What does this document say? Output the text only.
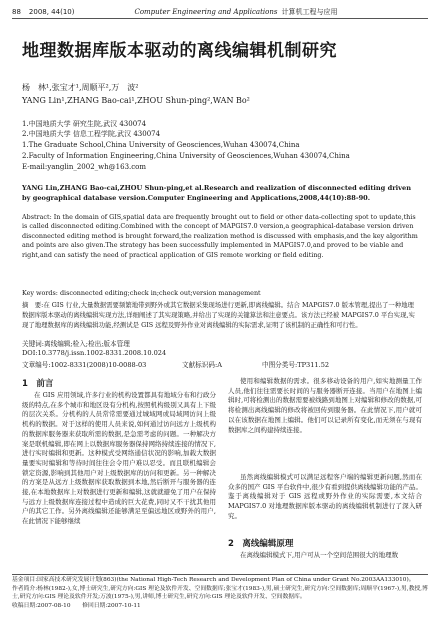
88 2008, 44(10)	Computer Engineering and Applications 计算机工程与应用
地理数据库版本驱动的离线编辑机制研究
杨　林¹,张宝才¹,周顺平²,万　波²
YANG Lin¹,ZHANG Bao-cai¹,ZHOU Shun-ping²,WAN Bo²
1.中国地质大学 研究生院,武汉 430074
2.中国地质大学 信息工程学院,武汉 430074
1.The Graduate School,China University of Geosciences,Wuhan 430074,China
2.Faculty of Information Engineering,China University of Geosciences,Wuhan 430074,China
E-mail:yanglin_2002_wh@163.com
YANG Lin,ZHANG Bao-cai,ZHOU Shun-ping,et al.Research and realization of disconnected editing driven by geographical database version.Computer Engineering and Applications,2008,44(10):88-90.
Abstract: In the domain of GIS,spatial data are frequently brought out to field or other data-collecting spot to update,this is called disconnected editing.Combined with the concept of MAPGIS7.0 version,a geographical-database version driven disconnected editing method is brought forward,the realization method is discussed with emphasis,and the key algorithm and points are also given.The strategy has been successfully implemented in MAPGIS7.0,and proved to be viable and right,and can satisfy the need of practical application of GIS remote working or field editing.
Key words: disconnected editing;check in;check out;version management
摘　要:在 GIS 行业,大量数据需要频繁地带到野外或其它数据采集现场进行更新,即离线编辑。结合 MAPGIS7.0 版本管理,提出了一种地理数据库版本驱动的离线编辑实现方法,详细阐述了其实现策略,并给出了实现的关键算法和注意要点。该方法已经被 MAPGIS7.0 平台实现,实现了地理数据库的离线编辑功能,经测试是 GIS 远程及野外作业对离线编辑的实际需求,证明了该机制的正确性和可行性。
关键词:离线编辑;检入;检出;版本管理
DOI:10.3778/j.issn.1002-8331.2008.10.024
文章编号:1002-8331(2008)10-0088-03	文献标识码:A	中图分类号:TP311.52
1　前言
在 GIS 应用领域,许多行业的机构设置都具有地域分布和行政分级的特点,在多个城市和地区设有分机构,按照机构级别又具有上下级的层次关系。分机构的人员常常需要通过城域网或局域网访问上级机构的数据。对于这样的使用人员来说,如何通过访问远方上级机构的数据库服务器来获取所需的数据,是急需考虑的问题。一种解决方案是联机编辑,即在网上以数据库服务器保持网络持续连接的情况下,进行实时编辑和更新。这种模式受网络通信状况的影响,加载大数据量要实时编辑和等待时间往往会令用户难以忍受。而且联机编辑会锁定资源,影响到其他用户对上级数据库的访问和更新。另一种解决的方案是从远方上级数据库获取数据到本地,然后断开与服务器的连接,在本地数据库上对数据进行更新和编辑,这就就避免了用户在保持与远方上级数据库连接过程中造成的巨大花费,同时又不干扰其他用户的其它工作。另外离线编辑还能够满足至偏远地区或野外的用户,在此情况下能够继续
使用和编辑数据的需求。很多移动设备的用户,如实地测量工作人员,他们往往需要长时间的与服务器断开连接。当用户在地图上编辑时,可将检测出的数据需要被线路到地图上对编辑和修改的数据,可将检测出离线编辑的修改将被回传到服务器。在此情况下,用户就可以在该数据在地图上编辑。他们可以记录所有变化,而无须在与现有数据库之间构建持续连接。
虽然离线编辑模式可以满足远程客户端的编辑更新问题,然而在众多的国产 GIS 平台软件中,很少有看到提供离线编辑功能的产品。鉴于离线编辑对于 GIS 远程或野外作业的实际需要,本文结合 MAPGIS7.0 对地理数据库版本驱动的离线编辑机制进行了深入研究。
2　离线编辑原理
在离线编辑模式下,用户可从一个空间范围很大的地理数
基金项目:国家高技术研究发展计划(863)(the National High-Tech Research and Development Plan of China under Grant No.2003AA133010)。
作者简介:杨林(1982-),女,博士研究生,研究方向:GIS 理论及软件开发、空间数据库;张宝才(1983-),男,硕士研究生,研究方向:空间数据库;周顺平(1967-),男,教授,博士,研究方向:GIS 理论及软件开发;万波(1975-),男,讲师,博士研究生,研究方向:GIS 理论及软件开发、空间数据库。
收稿日期:2007-08-10　　修回日期:2007-10-11
